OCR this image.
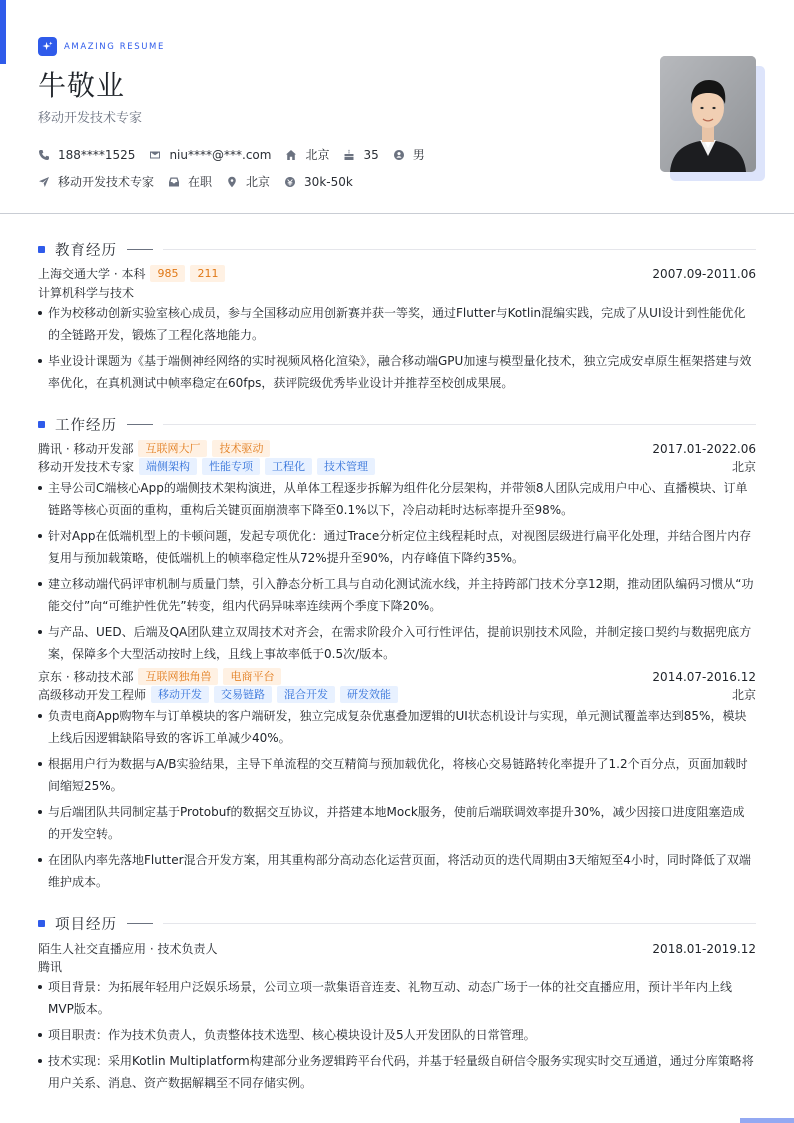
AMAZING RESUME
牛敬业
移动开发技术专家
188****1525	niu****@***.com	北京	35	男
移动开发技术专家	在职	北京	30k-50k
教育经历
上海交通大学 · 本科	985	211	2007.09-2011.06
计算机科学与技术
作为校移动创新实验室核心成员，参与全国移动应用创新赛并获一等奖，通过Flutter与Kotlin混编实践，完成了从UI设计到性能优化的全链路开发，锻炼了工程化落地能力。
毕业设计课题为《基于端侧神经网络的实时视频风格化渲染》，融合移动端GPU加速与模型量化技术，独立完成安卓原生框架搭建与效率优化，在真机测试中帧率稳定在60fps，获评院级优秀毕业设计并推荐至校创成果展。
工作经历
腾讯 · 移动开发部	互联网大厂	技术驱动	2017.01-2022.06
移动开发技术专家	端侧架构	性能专项	工程化	技术管理	北京
主导公司C端核心App的端侧技术架构演进，从单体工程逐步拆解为组件化分层架构，并带领8人团队完成用户中心、直播模块、订单链路等核心页面的重构，重构后关键页面崩溃率下降至0.1%以下，冷启动耗时达标率提升至98%。
针对App在低端机型上的卡顿问题，发起专项优化：通过Trace分析定位主线程耗时点，对视图层级进行扁平化处理，并结合图片内存复用与预加载策略，使低端机上的帧率稳定性从72%提升至90%，内存峰值下降约35%。
建立移动端代码评审机制与质量门禁，引入静态分析工具与自动化测试流水线，并主持跨部门技术分享12期，推动团队编码习惯从“功能交付”向“可维护性优先”转变，组内代码异味率连续两个季度下降20%。
与产品、UED、后端及QA团队建立双周技术对齐会，在需求阶段介入可行性评估，提前识别技术风险，并制定接口契约与数据兜底方案，保障多个大型活动按时上线，且线上事故率低于0.5次/版本。
京东 · 移动技术部	互联网独角兽	电商平台	2014.07-2016.12
高级移动开发工程师	移动开发	交易链路	混合开发	研发效能	北京
负责电商App购物车与订单模块的客户端研发，独立完成复杂优惠叠加逻辑的UI状态机设计与实现，单元测试覆盖率达到85%，模块上线后因逻辑缺陷导致的客诉工单减少40%。
根据用户行为数据与A/B实验结果，主导下单流程的交互精简与预加载优化，将核心交易链路转化率提升了1.2个百分点，页面加载时间缩短25%。
与后端团队共同制定基于Protobuf的数据交互协议，并搭建本地Mock服务，使前后端联调效率提升30%，减少因接口进度阻塞造成的开发空转。
在团队内率先落地Flutter混合开发方案，用其重构部分高动态化运营页面，将活动页的迭代周期由3天缩短至4小时，同时降低了双端维护成本。
项目经历
陌生人社交直播应用 · 技术负责人	2018.01-2019.12
腾讯
项目背景：为拓展年轻用户泛娱乐场景，公司立项一款集语音连麦、礼物互动、动态广场于一体的社交直播应用，预计半年内上线MVP版本。
项目职责：作为技术负责人，负责整体技术选型、核心模块设计及5人开发团队的日常管理。
技术实现：采用Kotlin Multiplatform构建部分业务逻辑跨平台代码，并基于轻量级自研信令服务实现实时交互通道，通过分库策略将用户关系、消息、资产数据解耦至不同存储实例。
